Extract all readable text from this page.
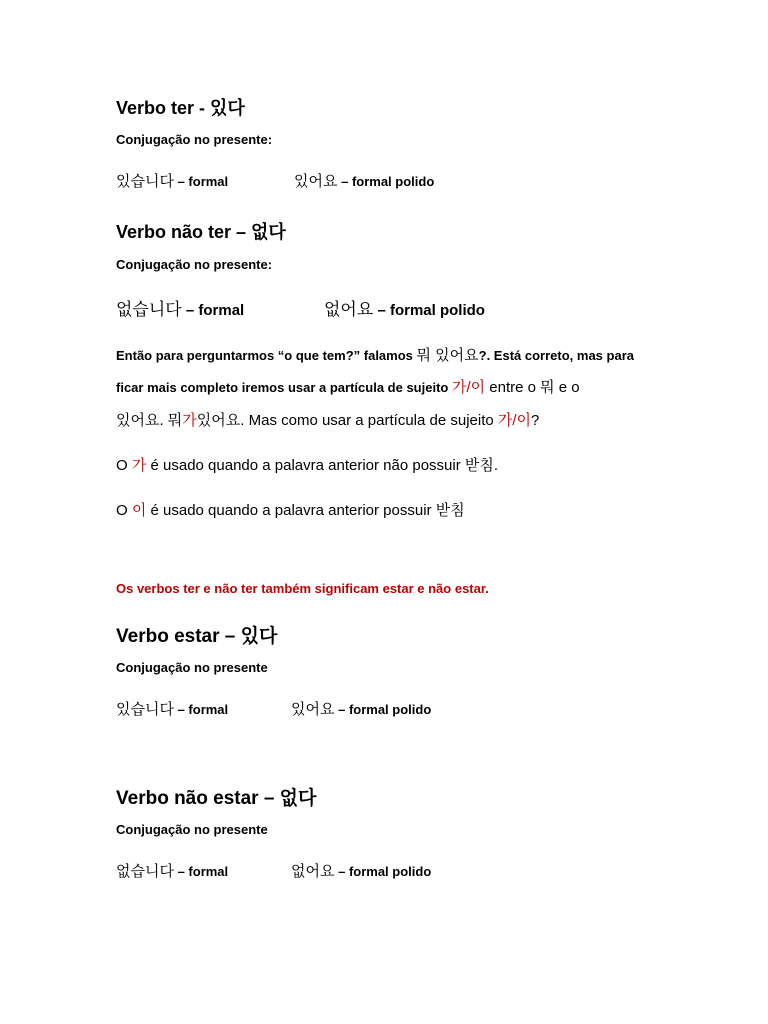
Verbo ter - 있다
Conjugação no presente:
있습니다 – formal	있어요 – formal polido
Verbo não ter – 없다
Conjugação no presente:
없습니다 – formal	없어요 – formal polido
Então para perguntarmos “o que tem?” falamos 뭐 있어요?. Está correto, mas para
ficar mais completo iremos usar a partícula de sujeito 가/이 entre o 뭐 e o
있어요. 뭐가있어요. Mas como usar a partícula de sujeito 가/이?
O 가 é usado quando a palavra anterior não possuir 받침.
O 이 é usado quando a palavra anterior possuir 받침
Os verbos ter e não ter também significam estar e não estar.
Verbo estar – 있다
Conjugação no presente
있습니다 – formal	있어요 – formal polido
Verbo não estar – 없다
Conjugação no presente
없습니다 – formal	없어요 – formal polido
